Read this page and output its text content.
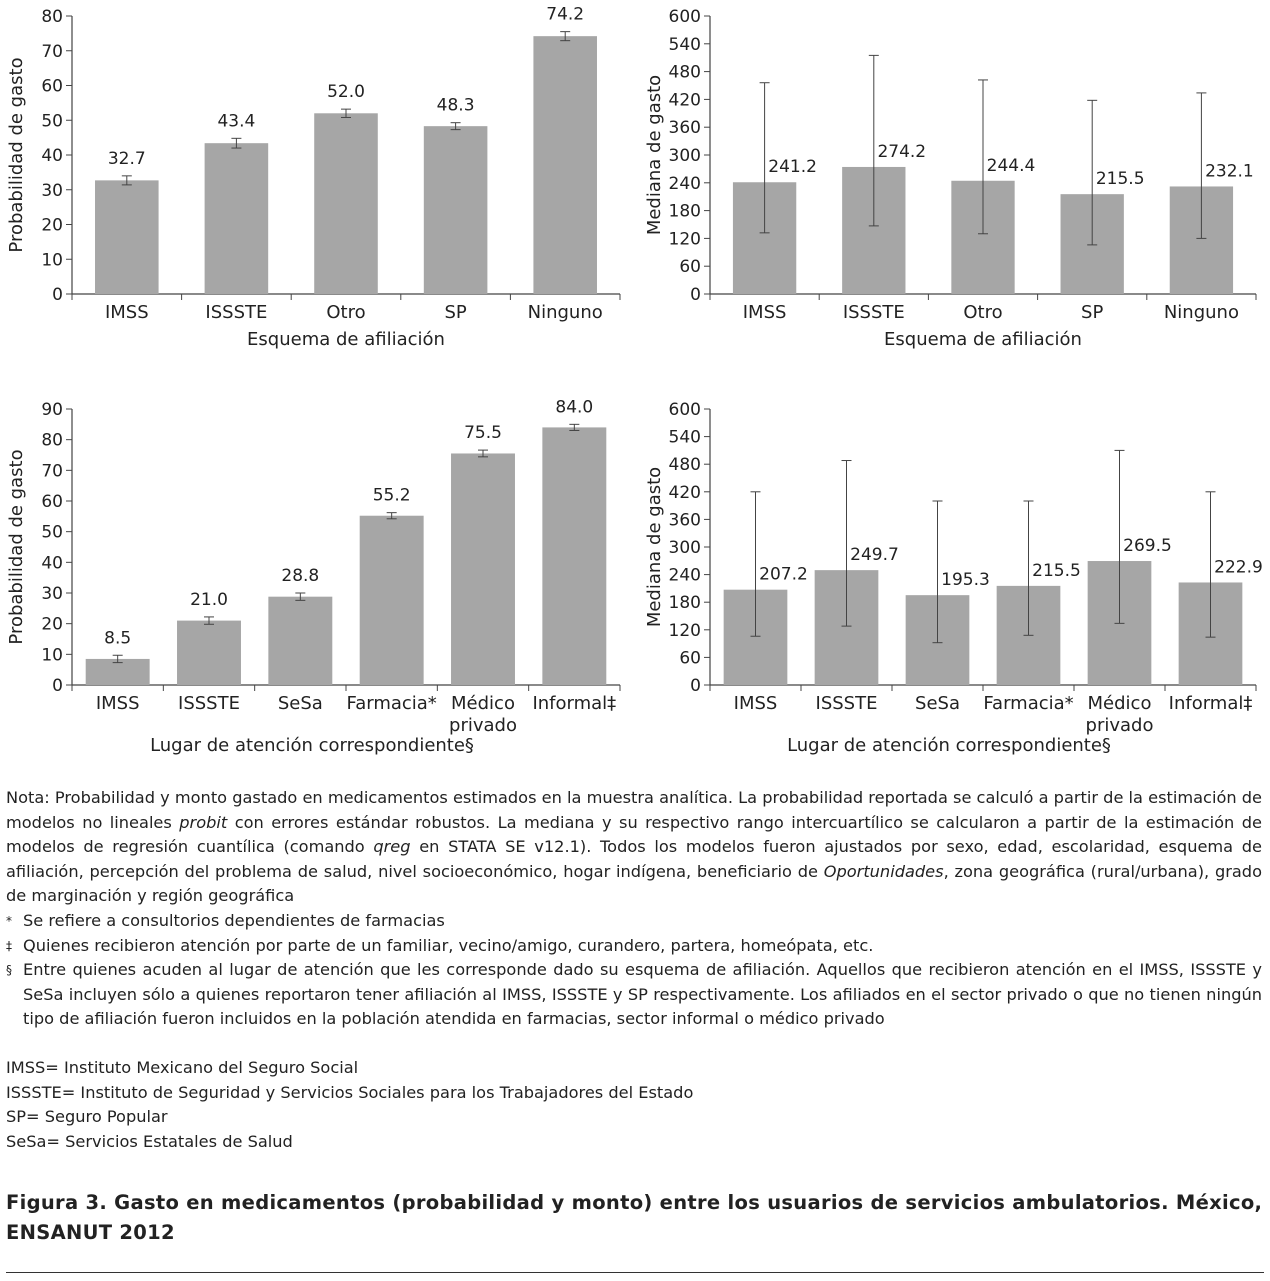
0
10
20
30
40
50
60
70
80
32.7
IMSS
43.4
ISSSTE
52.0
Otro
48.3
SP
74.2
Ninguno
Esquema de afiliación
Probabilidad de gasto
0
60
120
180
240
300
360
420
480
540
600
241.2
IMSS
274.2
ISSSTE
244.4
Otro
215.5
SP
232.1
Ninguno
Esquema de afiliación
Mediana de gasto
0
10
20
30
40
50
60
70
80
90
8.5
IMSS
21.0
ISSSTE
28.8
SeSa
55.2
Farmacia*
75.5
Médico
privado
84.0
Informal‡
Lugar de atención correspondiente§
Probabilidad de gasto
0
60
120
180
240
300
360
420
480
540
600
207.2
IMSS
249.7
ISSSTE
195.3
SeSa
215.5
Farmacia*
269.5
Médico
privado
222.9
Informal‡
Lugar de atención correspondiente§
Mediana de gasto

Nota: Probabilidad y monto gastado en medicamentos estimados en la muestra analítica. La probabilidad reportada se calculó a partir de la estimación de modelos no lineales probit con errores estándar robustos. La mediana y su respectivo rango intercuartílico se calcularon a partir de la estimación de modelos de regresión cuantílica (comando qreg en STATA SE v12.1). Todos los modelos fueron ajustados por sexo, edad, escolaridad, esquema de afiliación, percepción del problema de salud, nivel socioeconómico, hogar indígena, beneficiario de Oportunidades, zona geográfica (rural/urbana), grado de marginación y región geográfica

* Se refiere a consultorios dependientes de farmacias

‡ Quienes recibieron atención por parte de un familiar, vecino/amigo, curandero, partera, homeópata, etc.

§ Entre quienes acuden al lugar de atención que les corresponde dado su esquema de afiliación. Aquellos que recibieron atención en el IMSS, ISSSTE y SeSa incluyen sólo a quienes reportaron tener afiliación al IMSS, ISSSTE y SP respectivamente. Los afiliados en el sector privado o que no tienen ningún tipo de afiliación fueron incluidos en la población atendida en farmacias, sector informal o médico privado

IMSS= Instituto Mexicano del Seguro Social
ISSSTE= Instituto de Seguridad y Servicios Sociales para los Trabajadores del Estado
SP= Seguro Popular
SeSa= Servicios Estatales de Salud
Figura 3. Gasto en medicamentos (probabilidad y monto) entre los usuarios de servicios ambulatorios. México,
ENSANUT 2012
